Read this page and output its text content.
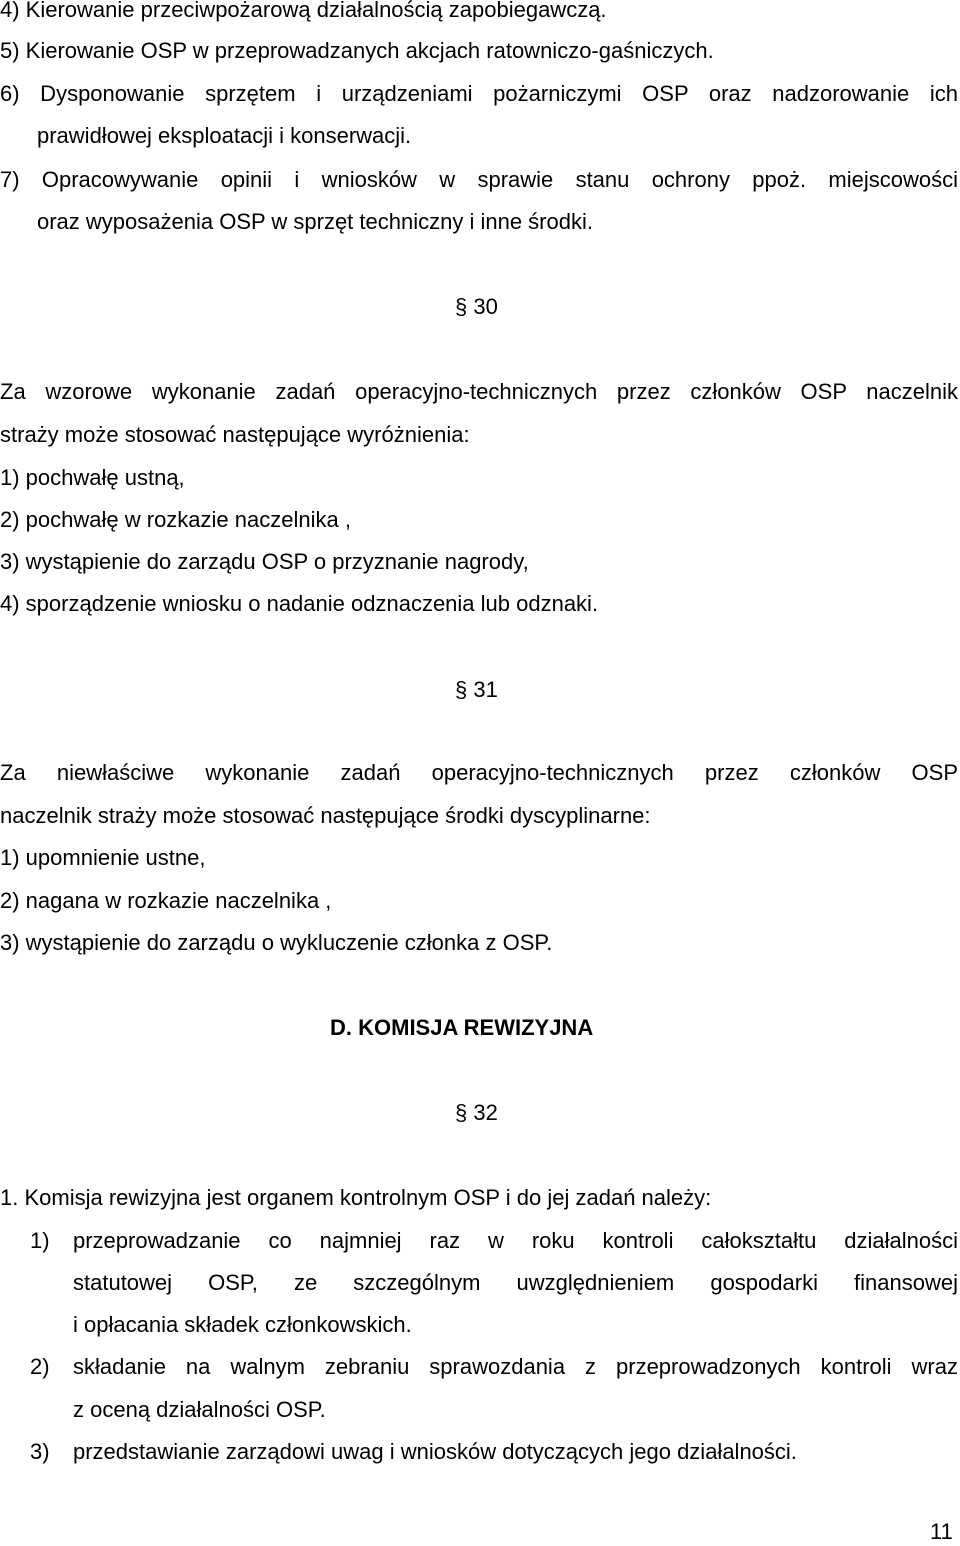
4) Kierowanie przeciwpożarową działalnością zapobiegawczą.
5) Kierowanie OSP w przeprowadzanych akcjach ratowniczo-gaśniczych.
6) Dysponowanie sprzętem i urządzeniami pożarniczymi OSP oraz nadzorowanie ich
prawidłowej eksploatacji i konserwacji.
7) Opracowywanie opinii i wniosków w sprawie stanu ochrony ppoż. miejscowości
oraz wyposażenia OSP w sprzęt techniczny i inne środki.
§ 30
Za wzorowe wykonanie zadań operacyjno-technicznych przez członków OSP naczelnik
straży może stosować następujące wyróżnienia:
1) pochwałę ustną,
2) pochwałę w rozkazie naczelnika ,
3) wystąpienie do zarządu OSP o przyznanie nagrody,
4) sporządzenie wniosku o nadanie odznaczenia lub odznaki.
§ 31
Za niewłaściwe wykonanie zadań operacyjno-technicznych przez członków OSP
naczelnik straży może stosować następujące środki dyscyplinarne:
1) upomnienie ustne,
2) nagana w rozkazie naczelnika ,
3) wystąpienie do zarządu o wykluczenie członka z OSP.
D. KOMISJA REWIZYJNA
§ 32
1. Komisja rewizyjna jest organem kontrolnym OSP i do jej zadań należy:
1) przeprowadzanie co najmniej raz w roku kontroli całokształtu działalności
statutowej OSP, ze szczególnym uwzględnieniem gospodarki finansowej
i opłacania składek członkowskich.
2) składanie na walnym zebraniu sprawozdania z przeprowadzonych kontroli wraz
z oceną działalności OSP.
3) przedstawianie zarządowi uwag i wniosków dotyczących jego działalności.
11
